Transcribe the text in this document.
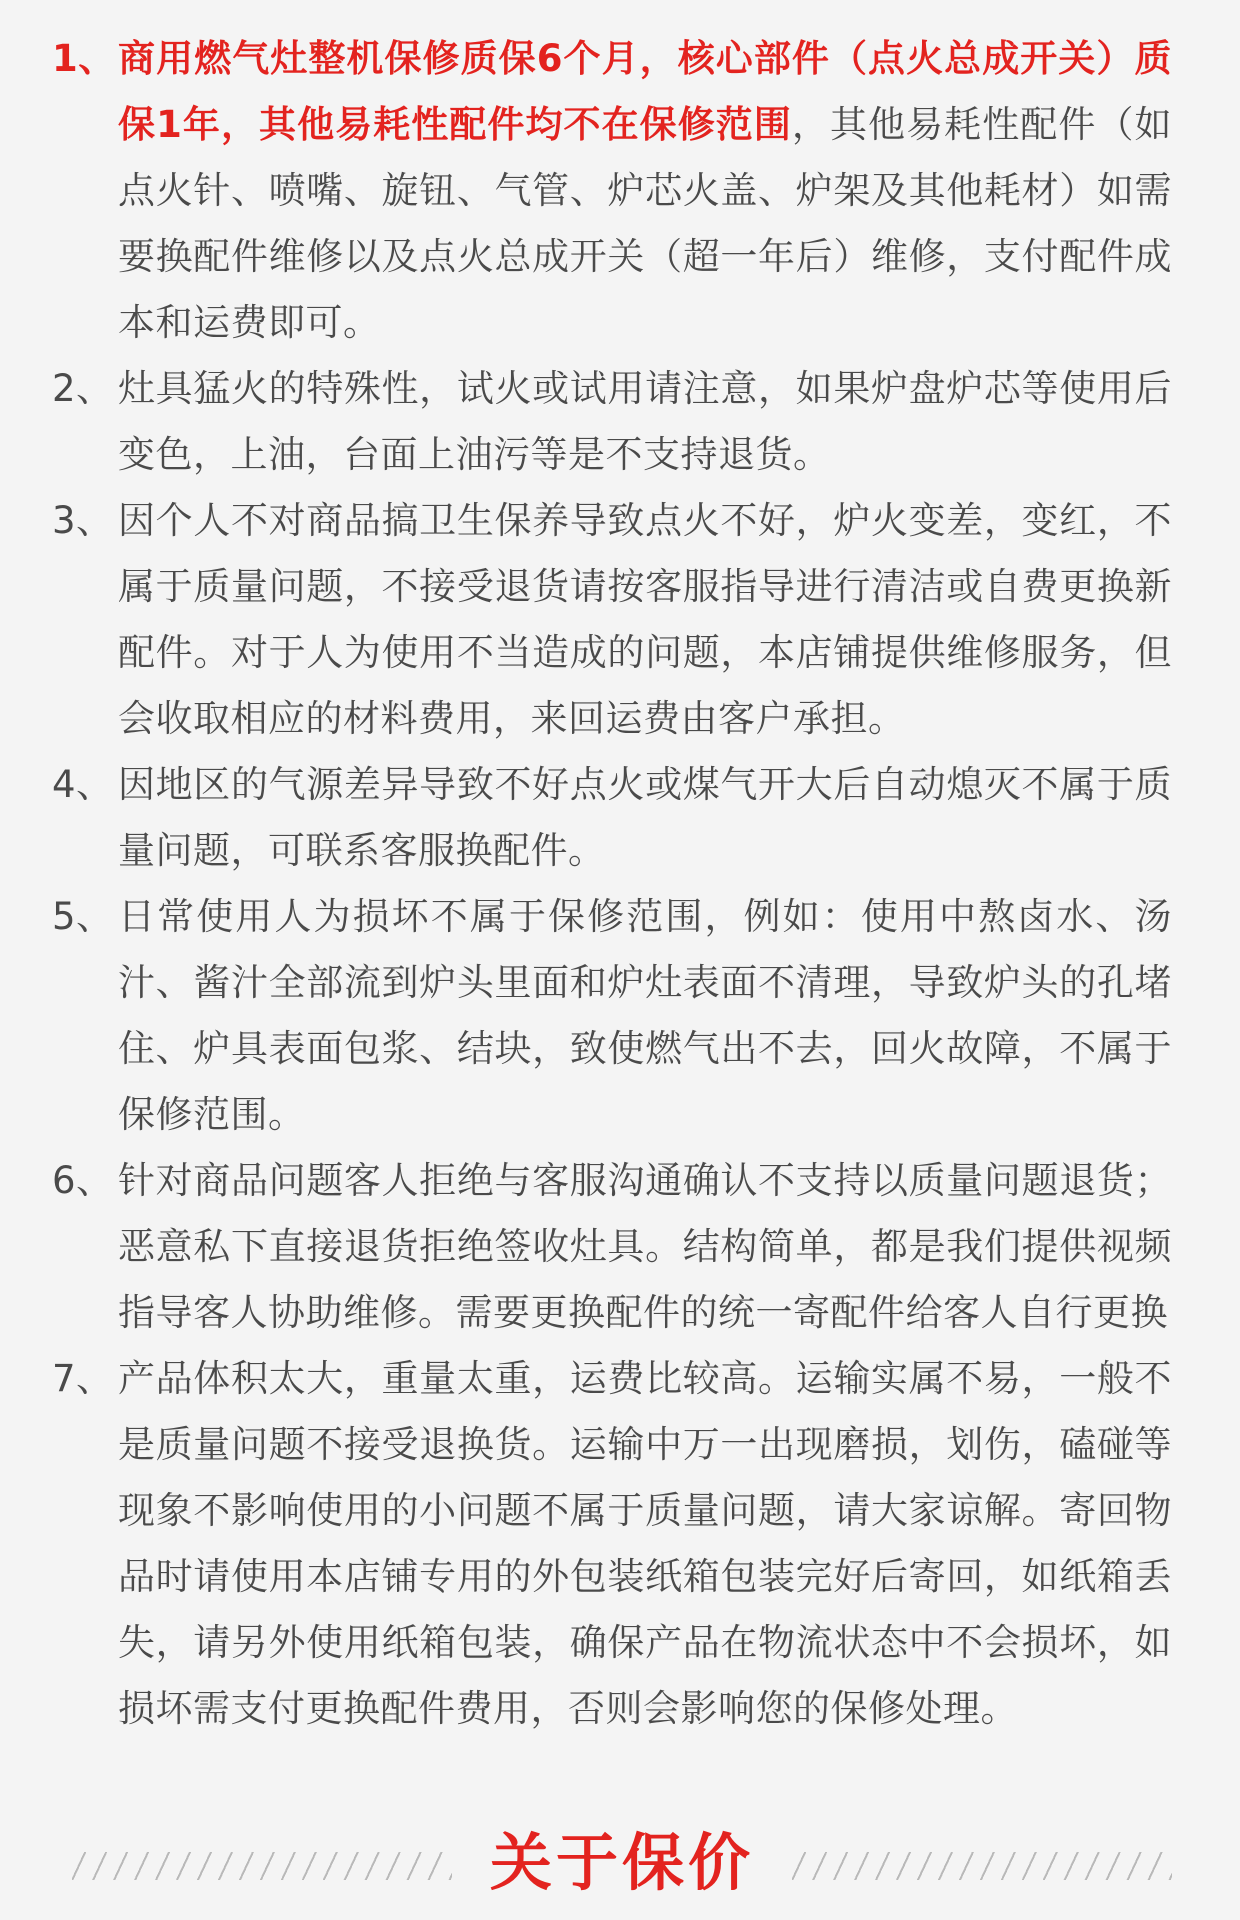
1、 商用燃气灶整机保修质保6个月，核心部件（点火总成开关）质保1年，其他易耗性配件均不在保修范围，其他易耗性配件（如点火针、喷嘴、旋钮、气管、炉芯火盖、炉架及其他耗材）如需要换配件维修以及点火总成开关（超一年后）维修，支付配件成本和运费即可。
2、 灶具猛火的特殊性，试火或试用请注意，如果炉盘炉芯等使用后变色，上油，台面上油污等是不支持退货。
3、 因个人不对商品搞卫生保养导致点火不好，炉火变差，变红，不属于质量问题，不接受退货请按客服指导进行清洁或自费更换新配件。对于人为使用不当造成的问题，本店铺提供维修服务，但会收取相应的材料费用，来回运费由客户承担。
4、 因地区的气源差异导致不好点火或煤气开大后自动熄灭不属于质量问题，可联系客服换配件。
5、 日常使用人为损坏不属于保修范围，例如：使用中熬卤水、汤汁、酱汁全部流到炉头里面和炉灶表面不清理，导致炉头的孔堵住、炉具表面包浆、结块，致使燃气出不去，回火故障，不属于保修范围。
6、 针对商品问题客人拒绝与客服沟通确认不支持以质量问题退货；恶意私下直接退货拒绝签收灶具。结构简单，都是我们提供视频指导客人协助维修。需要更换配件的统一寄配件给客人自行更换
7、 产品体积太大，重量太重，运费比较高。运输实属不易，一般不是质量问题不接受退换货。运输中万一出现磨损，划伤，磕碰等现象不影响使用的小问题不属于质量问题，请大家谅解。寄回物品时请使用本店铺专用的外包装纸箱包装完好后寄回，如纸箱丢失，请另外使用纸箱包装，确保产品在物流状态中不会损坏，如损坏需支付更换配件费用，否则会影响您的保修处理。
关于保价
